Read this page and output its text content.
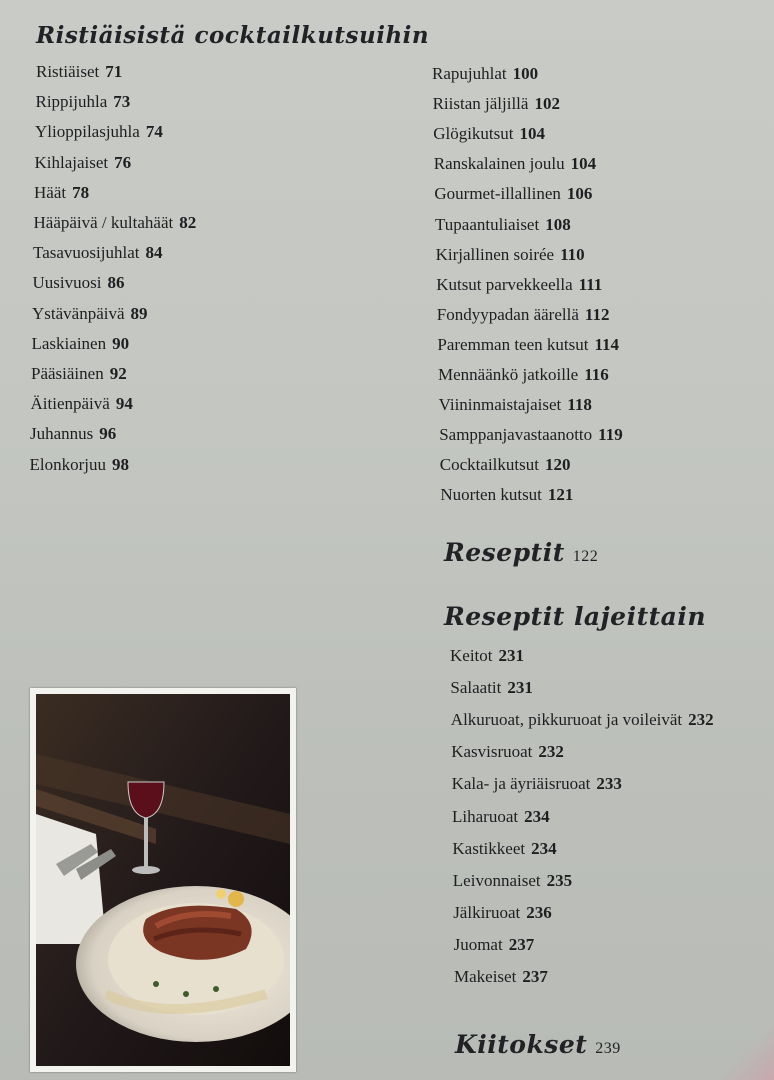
Ristiäisistä cocktailkutsuihin
Ristiäiset 71
Rippijuhla 73
Ylioppilasjuhla 74
Kihlajaiset 76
Häät 78
Hääpäivä / kultahäät 82
Tasavuosijuhlat 84
Uusivuosi 86
Ystävänpäivä 89
Laskiainen 90
Pääsiäinen 92
Äitienpäivä 94
Juhannus 96
Elonkorjuu 98
Rapujuhlat 100
Riistan jäljillä 102
Glögikutsut 104
Ranskalainen joulu 104
Gourmet-illallinen 106
Tupaantuliaiset 108
Kirjallinen soirée 110
Kutsut parvekkeella 111
Fondyypadan äärellä 112
Paremman teen kutsut 114
Mennäänkö jatkoille 116
Viininmaistajaiset 118
Samppanjavastaanotto 119
Cocktailkutsut 120
Nuorten kutsut 121
Reseptit 122
Reseptit lajeittain
Keitot 231
Salaatit 231
Alkuruoat, pikkuruoat ja voileivät 232
Kasvisruoat 232
Kala- ja äyriäisruoat 233
Liharuoat 234
Kastikkeet 234
Leivonnaiset 235
Jälkiruoat 236
Juomat 237
Makeiset 237
Kiitokset 239
